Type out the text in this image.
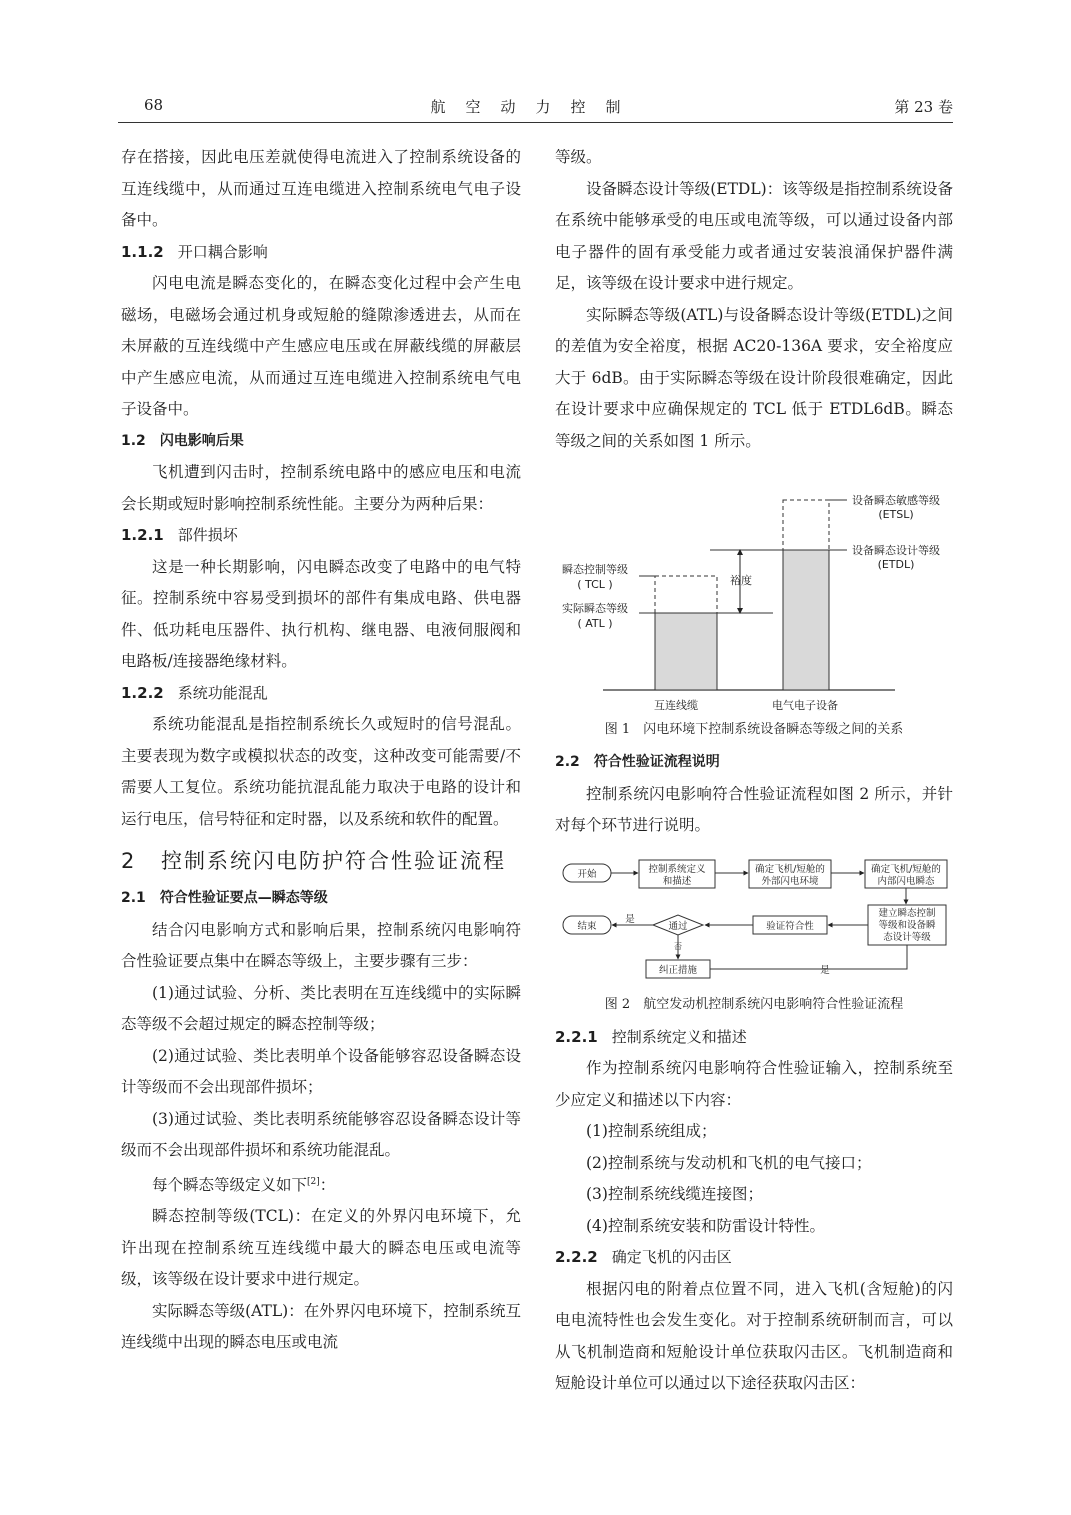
68	航空动力控制	第 23 卷
存在搭接，因此电压差就使得电流进入了控制系统设备的互连线缆中，从而通过互连电缆进入控制系统电气电子设备中。
1.1.2 开口耦合影响
闪电电流是瞬态变化的，在瞬态变化过程中会产生电磁场，电磁场会通过机身或短舱的缝隙渗透进去，从而在未屏蔽的互连线缆中产生感应电压或在屏蔽线缆的屏蔽层中产生感应电流，从而通过互连电缆进入控制系统电气电子设备中。
1.2 闪电影响后果
飞机遭到闪击时，控制系统电路中的感应电压和电流会长期或短时影响控制系统性能。主要分为两种后果：
1.2.1 部件损坏
这是一种长期影响，闪电瞬态改变了电路中的电气特征。控制系统中容易受到损坏的部件有集成电路、供电器件、低功耗电压器件、执行机构、继电器、电液伺服阀和电路板/连接器绝缘材料。
1.2.2 系统功能混乱
系统功能混乱是指控制系统长久或短时的信号混乱。主要表现为数字或模拟状态的改变，这种改变可能需要/不需要人工复位。系统功能抗混乱能力取决于电路的设计和运行电压，信号特征和定时器，以及系统和软件的配置。
2	控制系统闪电防护符合性验证流程
2.1 符合性验证要点—瞬态等级
结合闪电影响方式和影响后果，控制系统闪电影响符合性验证要点集中在瞬态等级上，主要步骤有三步：
(1)通过试验、分析、类比表明在互连线缆中的实际瞬态等级不会超过规定的瞬态控制等级；
(2)通过试验、类比表明单个设备能够容忍设备瞬态设计等级而不会出现部件损坏；
(3)通过试验、类比表明系统能够容忍设备瞬态设计等级而不会出现部件损坏和系统功能混乱。
每个瞬态等级定义如下[2]：
瞬态控制等级(TCL)：在定义的外界闪电环境下，允许出现在控制系统互连线缆中最大的瞬态电压或电流等级，该等级在设计要求中进行规定。
实际瞬态等级(ATL)：在外界闪电环境下，控制系统互连线缆中出现的瞬态电压或电流
等级。
设备瞬态设计等级(ETDL)：该等级是指控制系统设备在系统中能够承受的电压或电流等级，可以通过设备内部电子器件的固有承受能力或者通过安装浪涌保护器件满足，该等级在设计要求中进行规定。
实际瞬态等级(ATL)与设备瞬态设计等级(ETDL)之间的差值为安全裕度，根据 AC20-136A 要求，安全裕度应大于 6dB。由于实际瞬态等级在设计阶段很难确定，因此在设计要求中应确保规定的 TCL 低于 ETDL6dB。瞬态等级之间的关系如图 1 所示。
裕度
瞬态控制等级
( TCL )
实际瞬态等级
( ATL )
设备瞬态敏感等级
(ETSL)
设备瞬态设计等级
(ETDL)
互连线缆	电气电子设备
图 1　闪电环境下控制系统设备瞬态等级之间的关系
2.2 符合性验证流程说明
控制系统闪电影响符合性验证流程如图 2 所示，并针对每个环节进行说明。
开始	控制系统定义
和描述
确定飞机/短舱的
外部闪电环境
确定飞机/短舱的
内部闪电瞬态
建立瞬态控制
等级和设备瞬
态设计等级
验证符合性
通过
是
结束
否
纠正措施	是
图 2　航空发动机控制系统闪电影响符合性验证流程
2.2.1 控制系统定义和描述
作为控制系统闪电影响符合性验证输入，控制系统至少应定义和描述以下内容：
(1)控制系统组成；
(2)控制系统与发动机和飞机的电气接口；
(3)控制系统线缆连接图；
(4)控制系统安装和防雷设计特性。
2.2.2 确定飞机的闪击区
根据闪电的附着点位置不同，进入飞机(含短舱)的闪电电流特性也会发生变化。对于控制系统研制而言，可以从飞机制造商和短舱设计单位获取闪击区。飞机制造商和短舱设计单位可以通过以下途径获取闪击区：
